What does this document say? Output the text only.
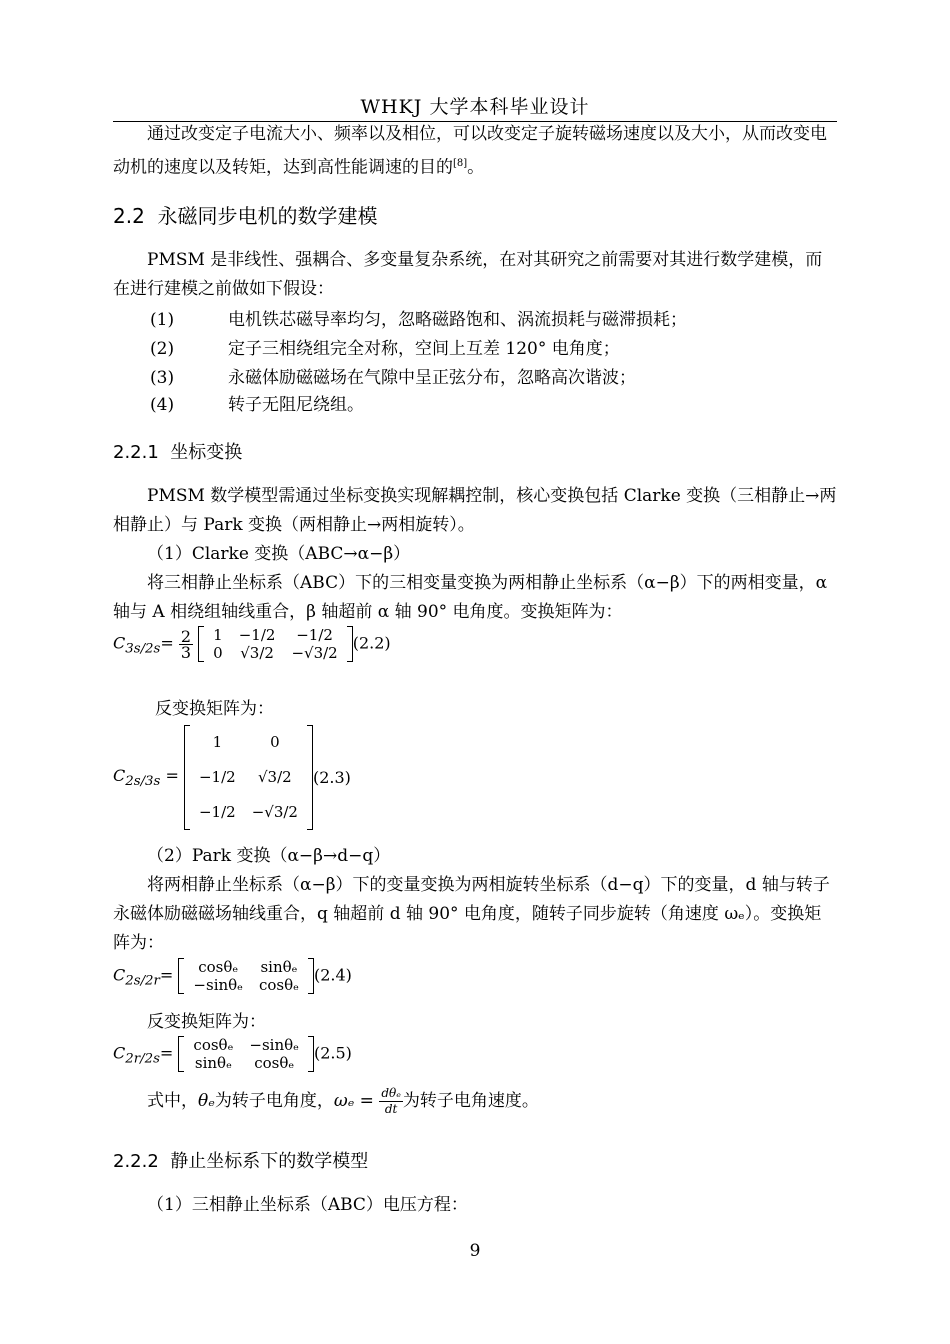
WHKJ 大学本科毕业设计
通过改变定子电流大小、频率以及相位，可以改变定子旋转磁场速度以及大小，从而改变电动机的速度以及转矩，达到高性能调速的目的[8]。
2.2 永磁同步电机的数学建模
PMSM 是非线性、强耦合、多变量复杂系统，在对其研究之前需要对其进行数学建模，而在进行建模之前做如下假设：
(1)	电机铁芯磁导率均匀，忽略磁路饱和、涡流损耗与磁滞损耗；
(2)	定子三相绕组完全对称，空间上互差 120° 电角度；
(3)	永磁体励磁磁场在气隙中呈正弦分布，忽略高次谐波；
(4)	转子无阻尼绕组。
2.2.1 坐标变换
PMSM 数学模型需通过坐标变换实现解耦控制，核心变换包括 Clarke 变换（三相静止→两相静止）与 Park 变换（两相静止→两相旋转）。
（1）Clarke 变换（ABC→α−β）
将三相静止坐标系（ABC）下的三相变量变换为两相静止坐标系（α−β）下的两相变量，α 轴与 A 相绕组轴线重合，β 轴超前 α 轴 90° 电角度。变换矩阵为：
$C_{3s/2s}= \frac{2}{3}$
1	−1/2	−1/2
0	√3/2	−√3/2
(2.2)
反变换矩阵为：
$C_{2s/3s}$ =
1	0
−1/2	√3/2
−1/2	−√3/2
(2.3)
（2）Park 变换（α−β→d−q）
将两相静止坐标系（α−β）下的变量变换为两相旋转坐标系（d−q）下的变量，d 轴与转子永磁体励磁磁场轴线重合，q 轴超前 d 轴 90° 电角度，随转子同步旋转（角速度 ωₑ）。变换矩阵为：
$C_{2s/2r}= \cos\theta_e$	sinθₑ
−sinθₑ	cosθₑ
(2.4)
反变换矩阵为：
$C_{2r/2s}= \cos\theta_e$	−sinθₑ
sinθₑ	cosθₑ
(2.5)
式中，θₑ为转子电角度，$\omega_e = \frac{\text{dθₑ}}{dt}$ 为转子电角速度。
2.2.2 静止坐标系下的数学模型
（1）三相静止坐标系（ABC）电压方程：
9
